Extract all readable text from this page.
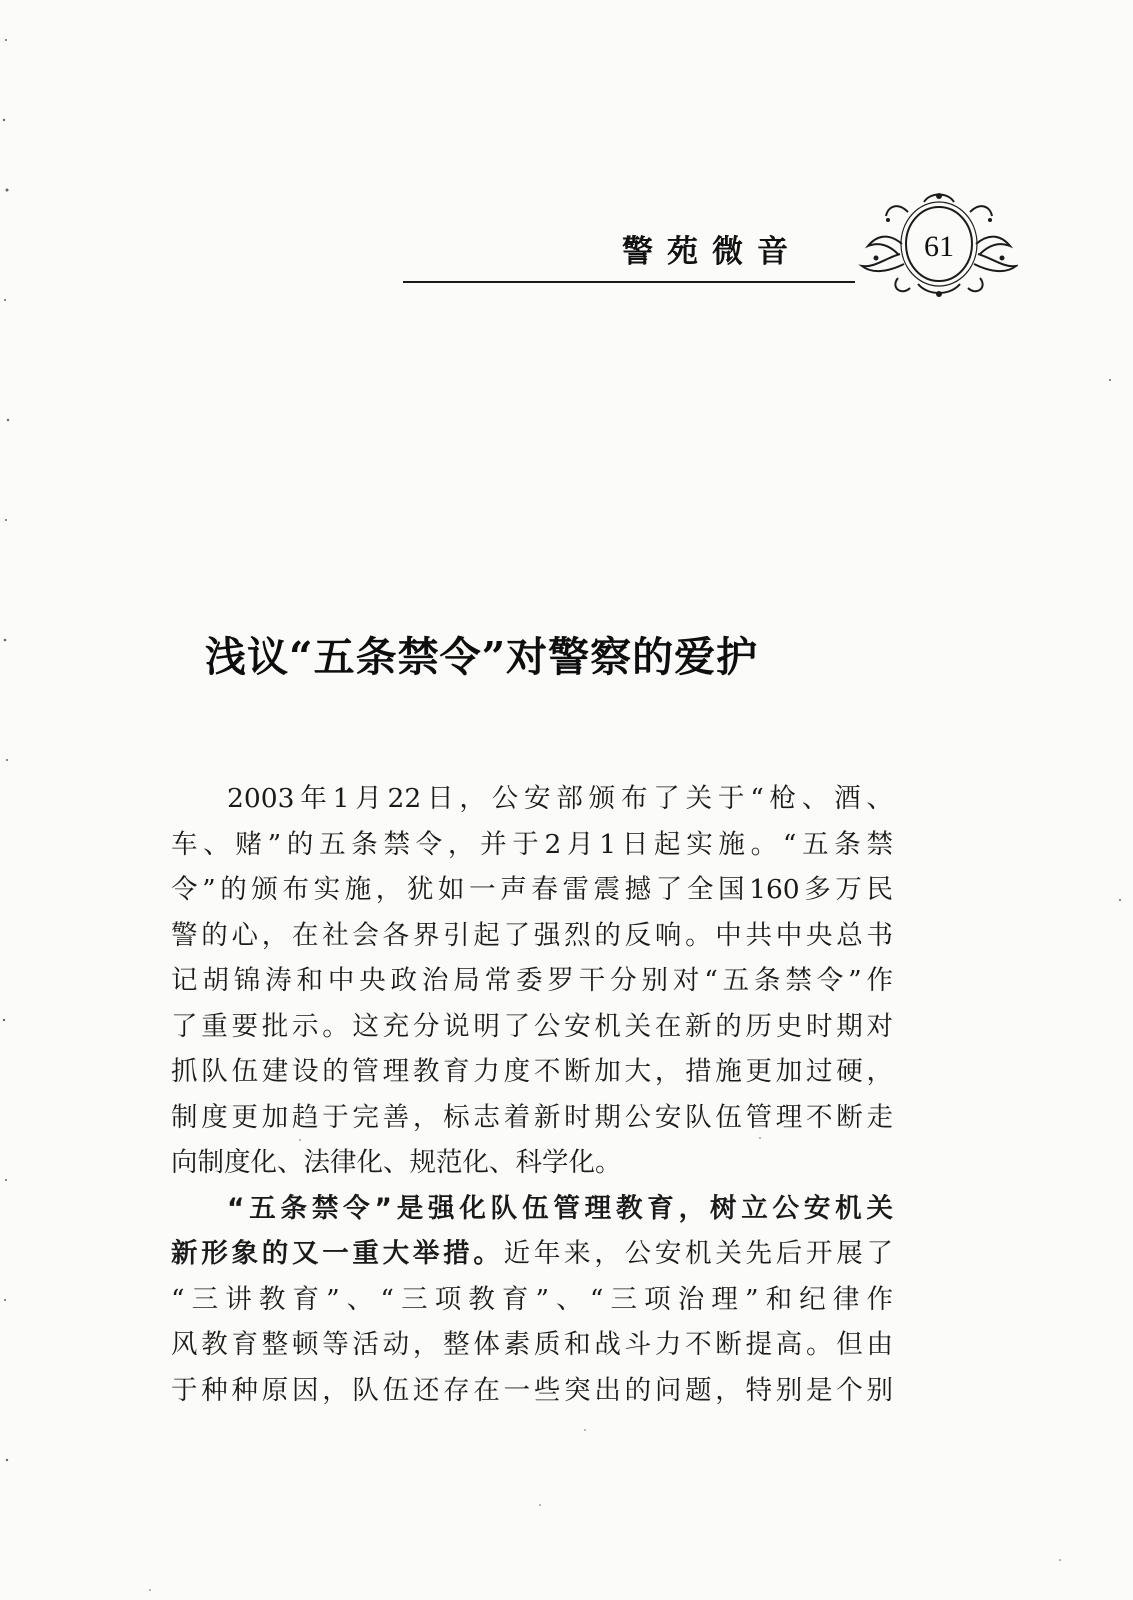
警苑微音	61
浅议“五条禁令”对警察的爱护
2003年1月22日，公安部颁布了关于“枪、酒、
车、赌”的五条禁令，并于2月1日起实施。“五条禁
令”的颁布实施，犹如一声春雷震撼了全国160多万民
警的心，在社会各界引起了强烈的反响。中共中央总书
记胡锦涛和中央政治局常委罗干分别对“五条禁令”作
了重要批示。这充分说明了公安机关在新的历史时期对
抓队伍建设的管理教育力度不断加大，措施更加过硬，
制度更加趋于完善，标志着新时期公安队伍管理不断走
向制度化、法律化、规范化、科学化。
“五条禁令”是强化队伍管理教育，树立公安机关
新形象的又一重大举措。近年来，公安机关先后开展了
“三讲教育”、“三项教育”、“三项治理”和纪律作
风教育整顿等活动，整体素质和战斗力不断提高。但由
于种种原因，队伍还存在一些突出的问题，特别是个别
